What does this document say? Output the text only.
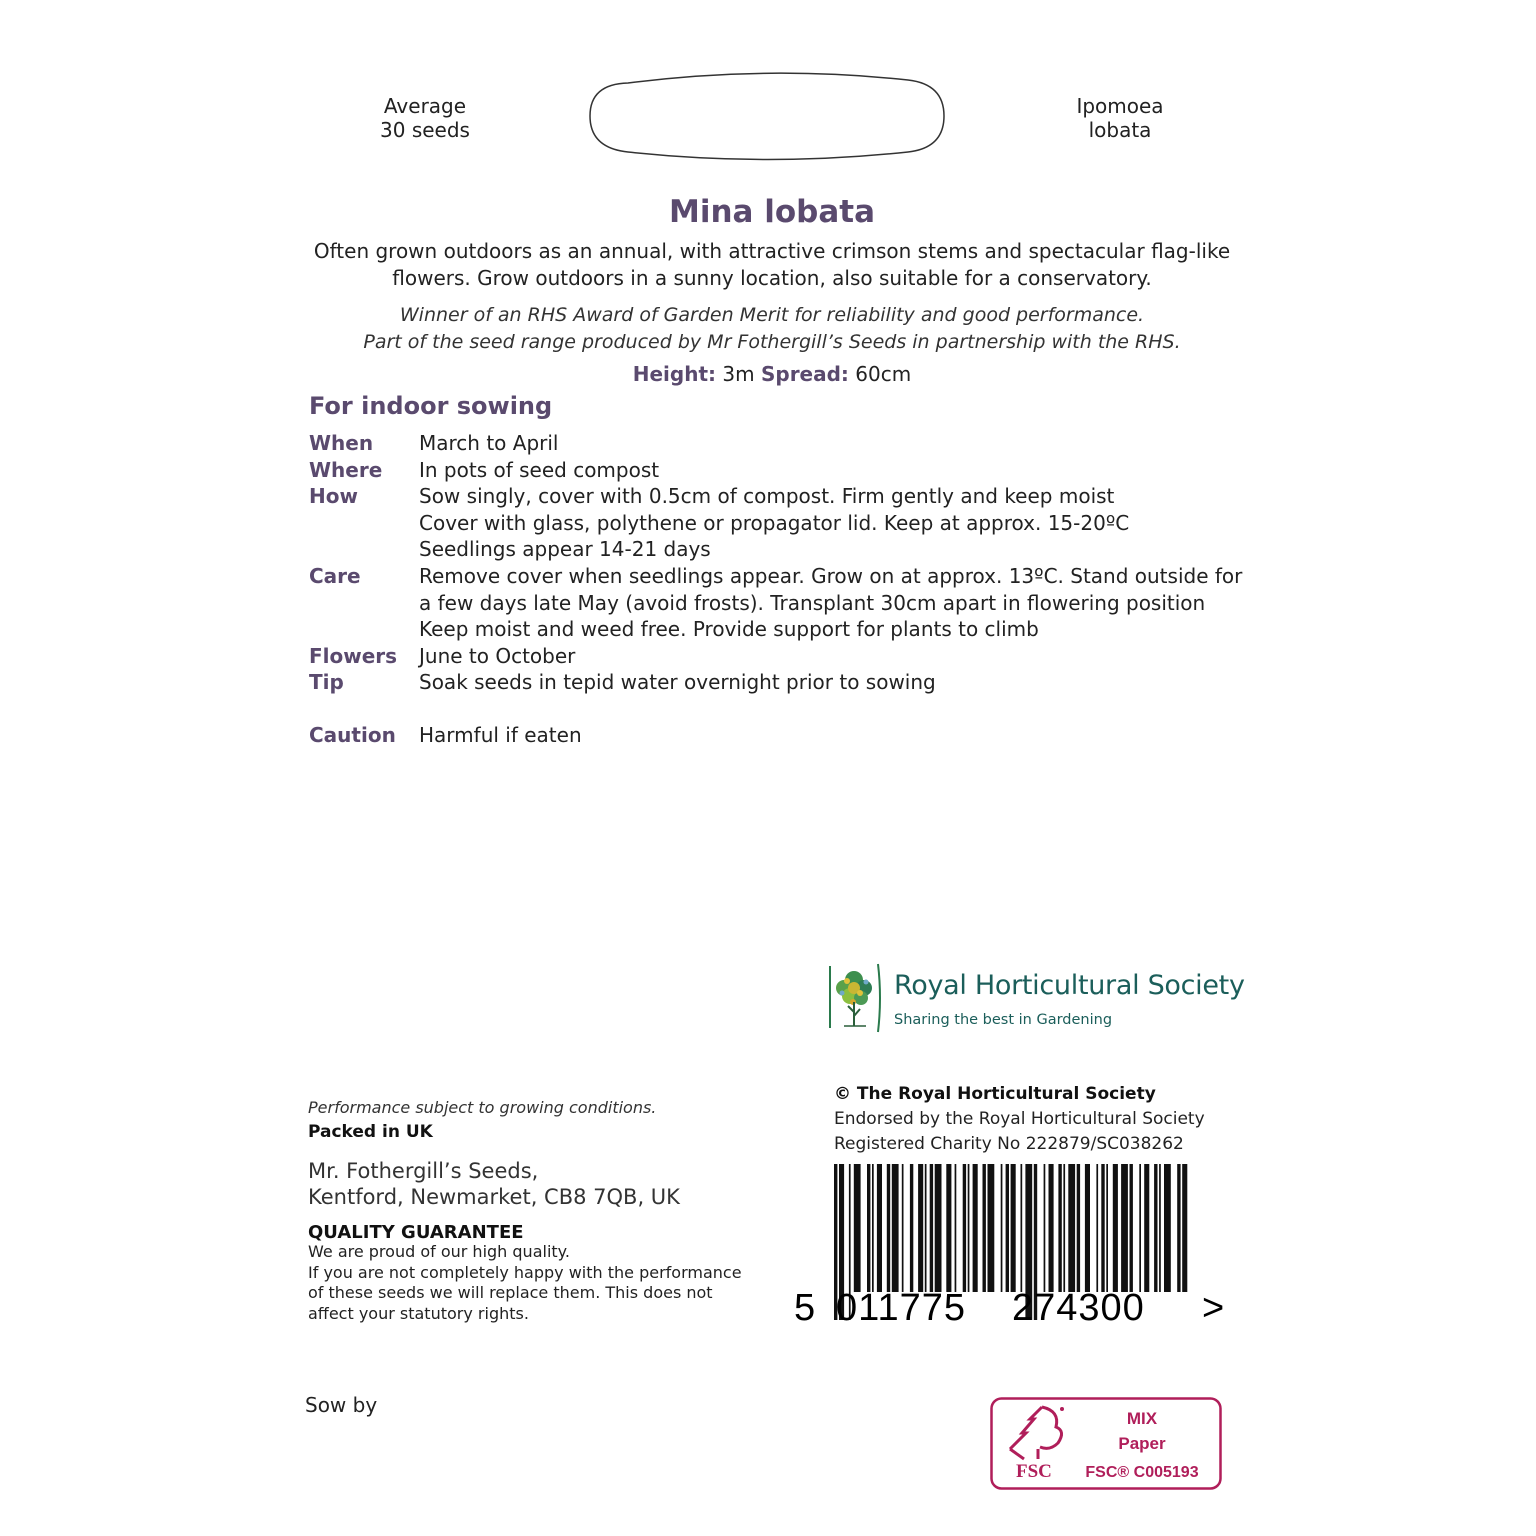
Average
30 seeds
Ipomoea
lobata
Mina lobata
Often grown outdoors as an annual, with attractive crimson stems and spectacular flag-like
flowers. Grow outdoors in a sunny location, also suitable for a conservatory.
Winner of an RHS Award of Garden Merit for reliability and good performance.
Part of the seed range produced by Mr Fothergill’s Seeds in partnership with the RHS.
Height: 3m Spread: 60cm
For indoor sowing
When	March to April
Where	In pots of seed compost
How	Sow singly, cover with 0.5cm of compost. Firm gently and keep moist
Cover with glass, polythene or propagator lid. Keep at approx. 15-20ºC
Seedlings appear 14-21 days
Care	Remove cover when seedlings appear. Grow on at approx. 13ºC. Stand outside for
a few days late May (avoid frosts). Transplant 30cm apart in flowering position
Keep moist and weed free. Provide support for plants to climb
Flowers	June to October
Tip	Soak seeds in tepid water overnight prior to sowing
Caution	Harmful if eaten
Royal Horticultural Society
Sharing the best in Gardening
Performance subject to growing conditions.
Packed in UK
Mr. Fothergill’s Seeds,
Kentford, Newmarket, CB8 7QB, UK
QUALITY GUARANTEE
We are proud of our high quality.
If you are not completely happy with the performance
of these seeds we will replace them. This does not
affect your statutory rights.
Sow by
© The Royal Horticultural Society
Endorsed by the Royal Horticultural Society
Registered Charity No 222879/SC038262
5 011775 274300 >
FSC
MIX
Paper
FSC® C005193
